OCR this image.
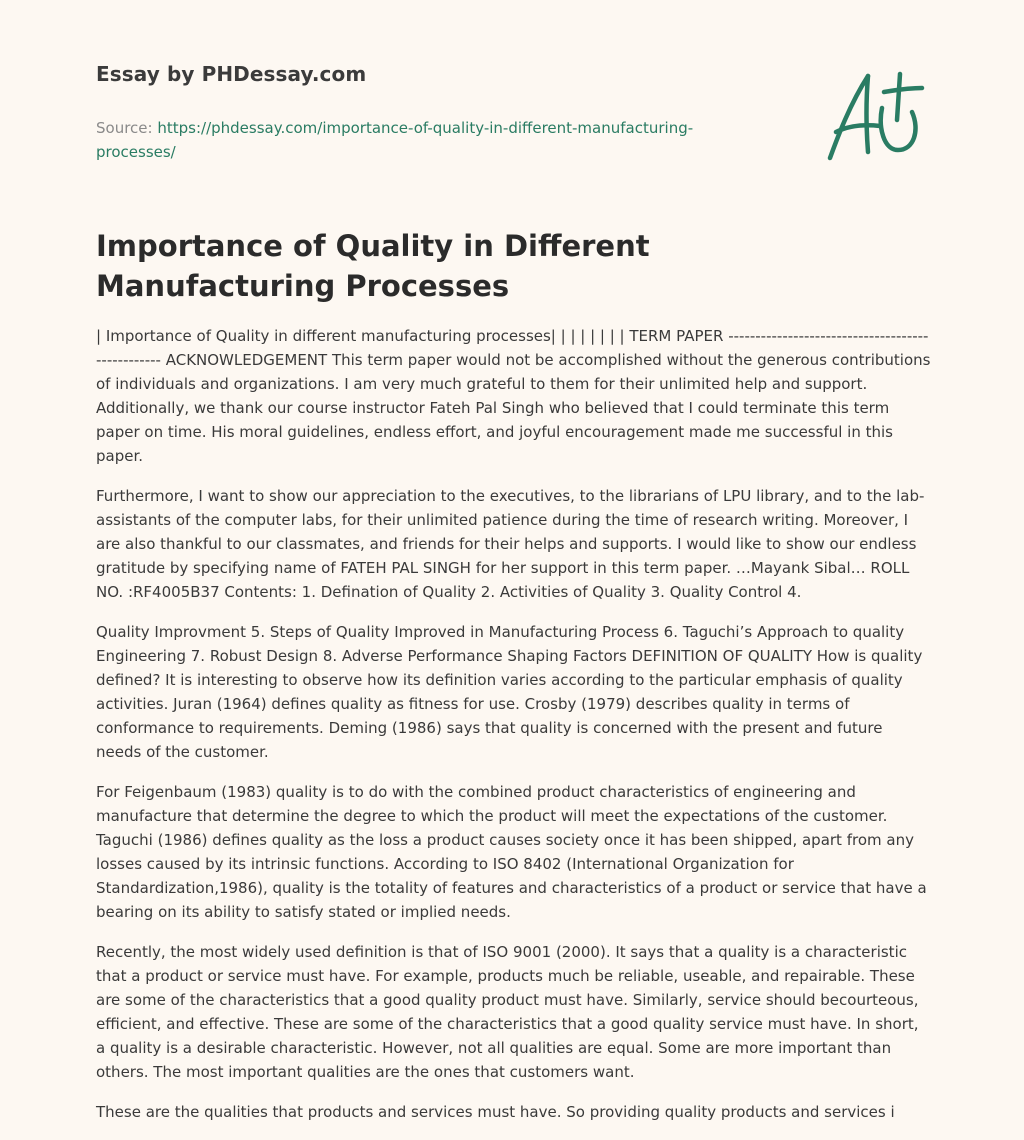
Essay by PHDessay.com
Source: https://phdessay.com/importance-of-quality-in-different-manufacturing-processes/
Importance of Quality in Different Manufacturing Processes

| Importance of Quality in different manufacturing processes| | | | | | | | TERM PAPER ------------------------------------------------- ACKNOWLEDGEMENT This term paper would not be accomplished without the generous contributions of individuals and organizations. I am very much grateful to them for their unlimited help and support. Additionally, we thank our course instructor Fateh Pal Singh who believed that I could terminate this term paper on time. His moral guidelines, endless effort, and joyful encouragement made me successful in this paper.

Furthermore, I want to show our appreciation to the executives, to the librarians of LPU library, and to the lab-assistants of the computer labs, for their unlimited patience during the time of research writing. Moreover, I are also thankful to our classmates, and friends for their helps and supports. I would like to show our endless gratitude by specifying name of FATEH PAL SINGH for her support in this term paper. …Mayank Sibal… ROLL NO. :RF4005B37 Contents: 1. Defination of Quality 2. Activities of Quality 3. Quality Control 4.

Quality Improvment 5. Steps of Quality Improved in Manufacturing Process 6. Taguchi’s Approach to quality Engineering 7. Robust Design 8. Adverse Performance Shaping Factors DEFINITION OF QUALITY How is quality defined? It is interesting to observe how its definition varies according to the particular emphasis of quality activities. Juran (1964) defines quality as fitness for use. Crosby (1979) describes quality in terms of conformance to requirements. Deming (1986) says that quality is concerned with the present and future needs of the customer.

For Feigenbaum (1983) quality is to do with the combined product characteristics of engineering and manufacture that determine the degree to which the product will meet the expectations of the customer. Taguchi (1986) defines quality as the loss a product causes society once it has been shipped, apart from any losses caused by its intrinsic functions. According to ISO 8402 (International Organization for Standardization,1986), quality is the totality of features and characteristics of a product or service that have a bearing on its ability to satisfy stated or implied needs.

Recently, the most widely used definition is that of ISO 9001 (2000). It says that a quality is a characteristic that a product or service must have. For example, products much be reliable, useable, and repairable. These are some of the characteristics that a good quality product must have. Similarly, service should becourteous, efficient, and effective. These are some of the characteristics that a good quality service must have. In short, a quality is a desirable characteristic. However, not all qualities are equal. Some are more important than others. The most important qualities are the ones that customers want.

These are the qualities that products and services must have. So providing quality products and services i
